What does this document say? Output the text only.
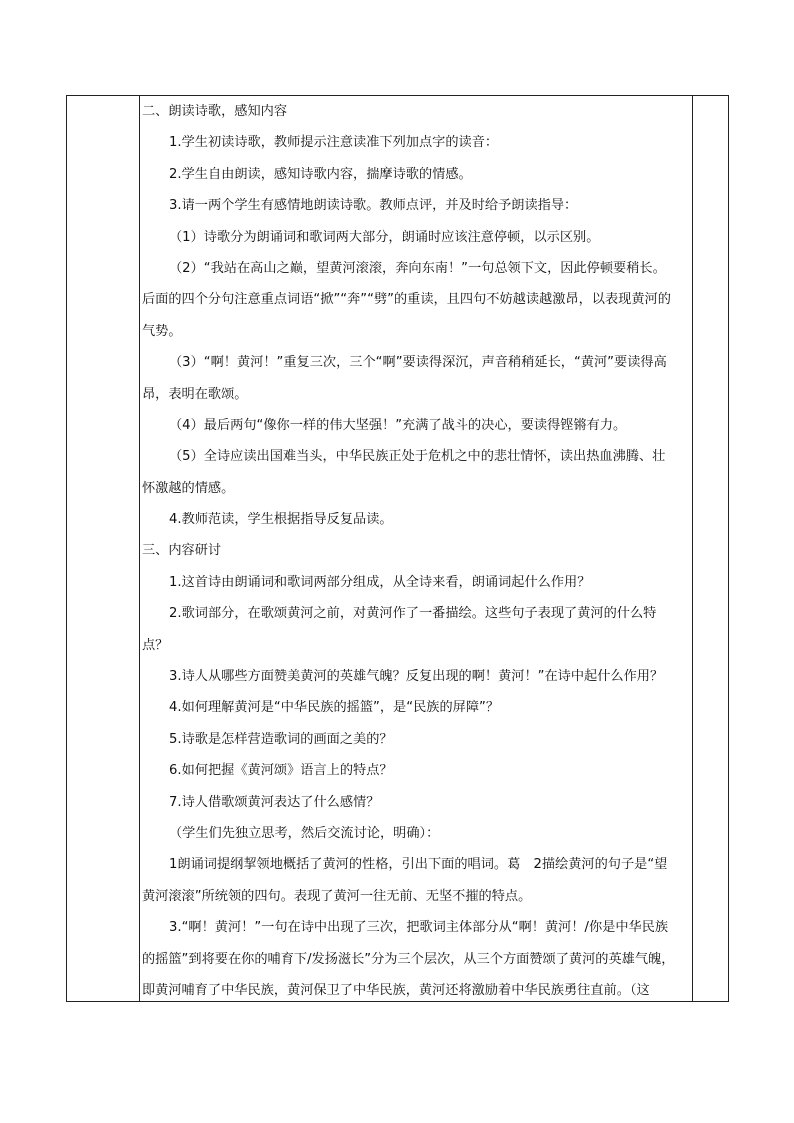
二、朗读诗歌，感知内容
1.学生初读诗歌，教师提示注意读准下列加点字的读音：
2.学生自由朗读，感知诗歌内容，揣摩诗歌的情感。
3.请一两个学生有感情地朗读诗歌。教师点评，并及时给予朗读指导：
（1）诗歌分为朗诵词和歌词两大部分，朗诵时应该注意停顿，以示区别。
（2）“我站在高山之巅，望黄河滚滚，奔向东南！”一句总领下文，因此停顿要稍长。
后面的四个分句注意重点词语“掀”“奔”“劈”的重读，且四句不妨越读越激昂，以表现黄河的
气势。
（3）“啊！黄河！”重复三次，三个“啊”要读得深沉，声音稍稍延长，“黄河”要读得高
昂，表明在歌颂。
（4）最后两句“像你一样的伟大坚强！”充满了战斗的决心，要读得铿锵有力。
（5）全诗应读出国难当头，中华民族正处于危机之中的悲壮情怀，读出热血沸腾、壮
怀激越的情感。
4.教师范读，学生根据指导反复品读。
三、内容研讨
1.这首诗由朗诵词和歌词两部分组成，从全诗来看，朗诵词起什么作用？
2.歌词部分，在歌颂黄河之前，对黄河作了一番描绘。这些句子表现了黄河的什么特
点？
3.诗人从哪些方面赞美黄河的英雄气魄？反复出现的啊！黄河！”在诗中起什么作用？
4.如何理解黄河是“中华民族的摇篮”，是“民族的屏障”？
5.诗歌是怎样营造歌词的画面之美的？
6.如何把握《黄河颂》语言上的特点？
7.诗人借歌颂黄河表达了什么感情？
（学生们先独立思考，然后交流讨论，明确）：
1朗诵词提纲挈领地概括了黄河的性格，引出下面的唱词。葛　2描绘黄河的句子是“望
黄河滚滚”所统领的四句。表现了黄河一往无前、无坚不摧的特点。
3.“啊！黄河！”一句在诗中出现了三次，把歌词主体部分从“啊！黄河！/你是中华民族
的摇篮”到将要在你的哺育下/发扬滋长”分为三个层次，从三个方面赞颂了黄河的英雄气魄，
即黄河哺育了中华民族，黄河保卫了中华民族，黄河还将激励着中华民族勇往直前。（这
